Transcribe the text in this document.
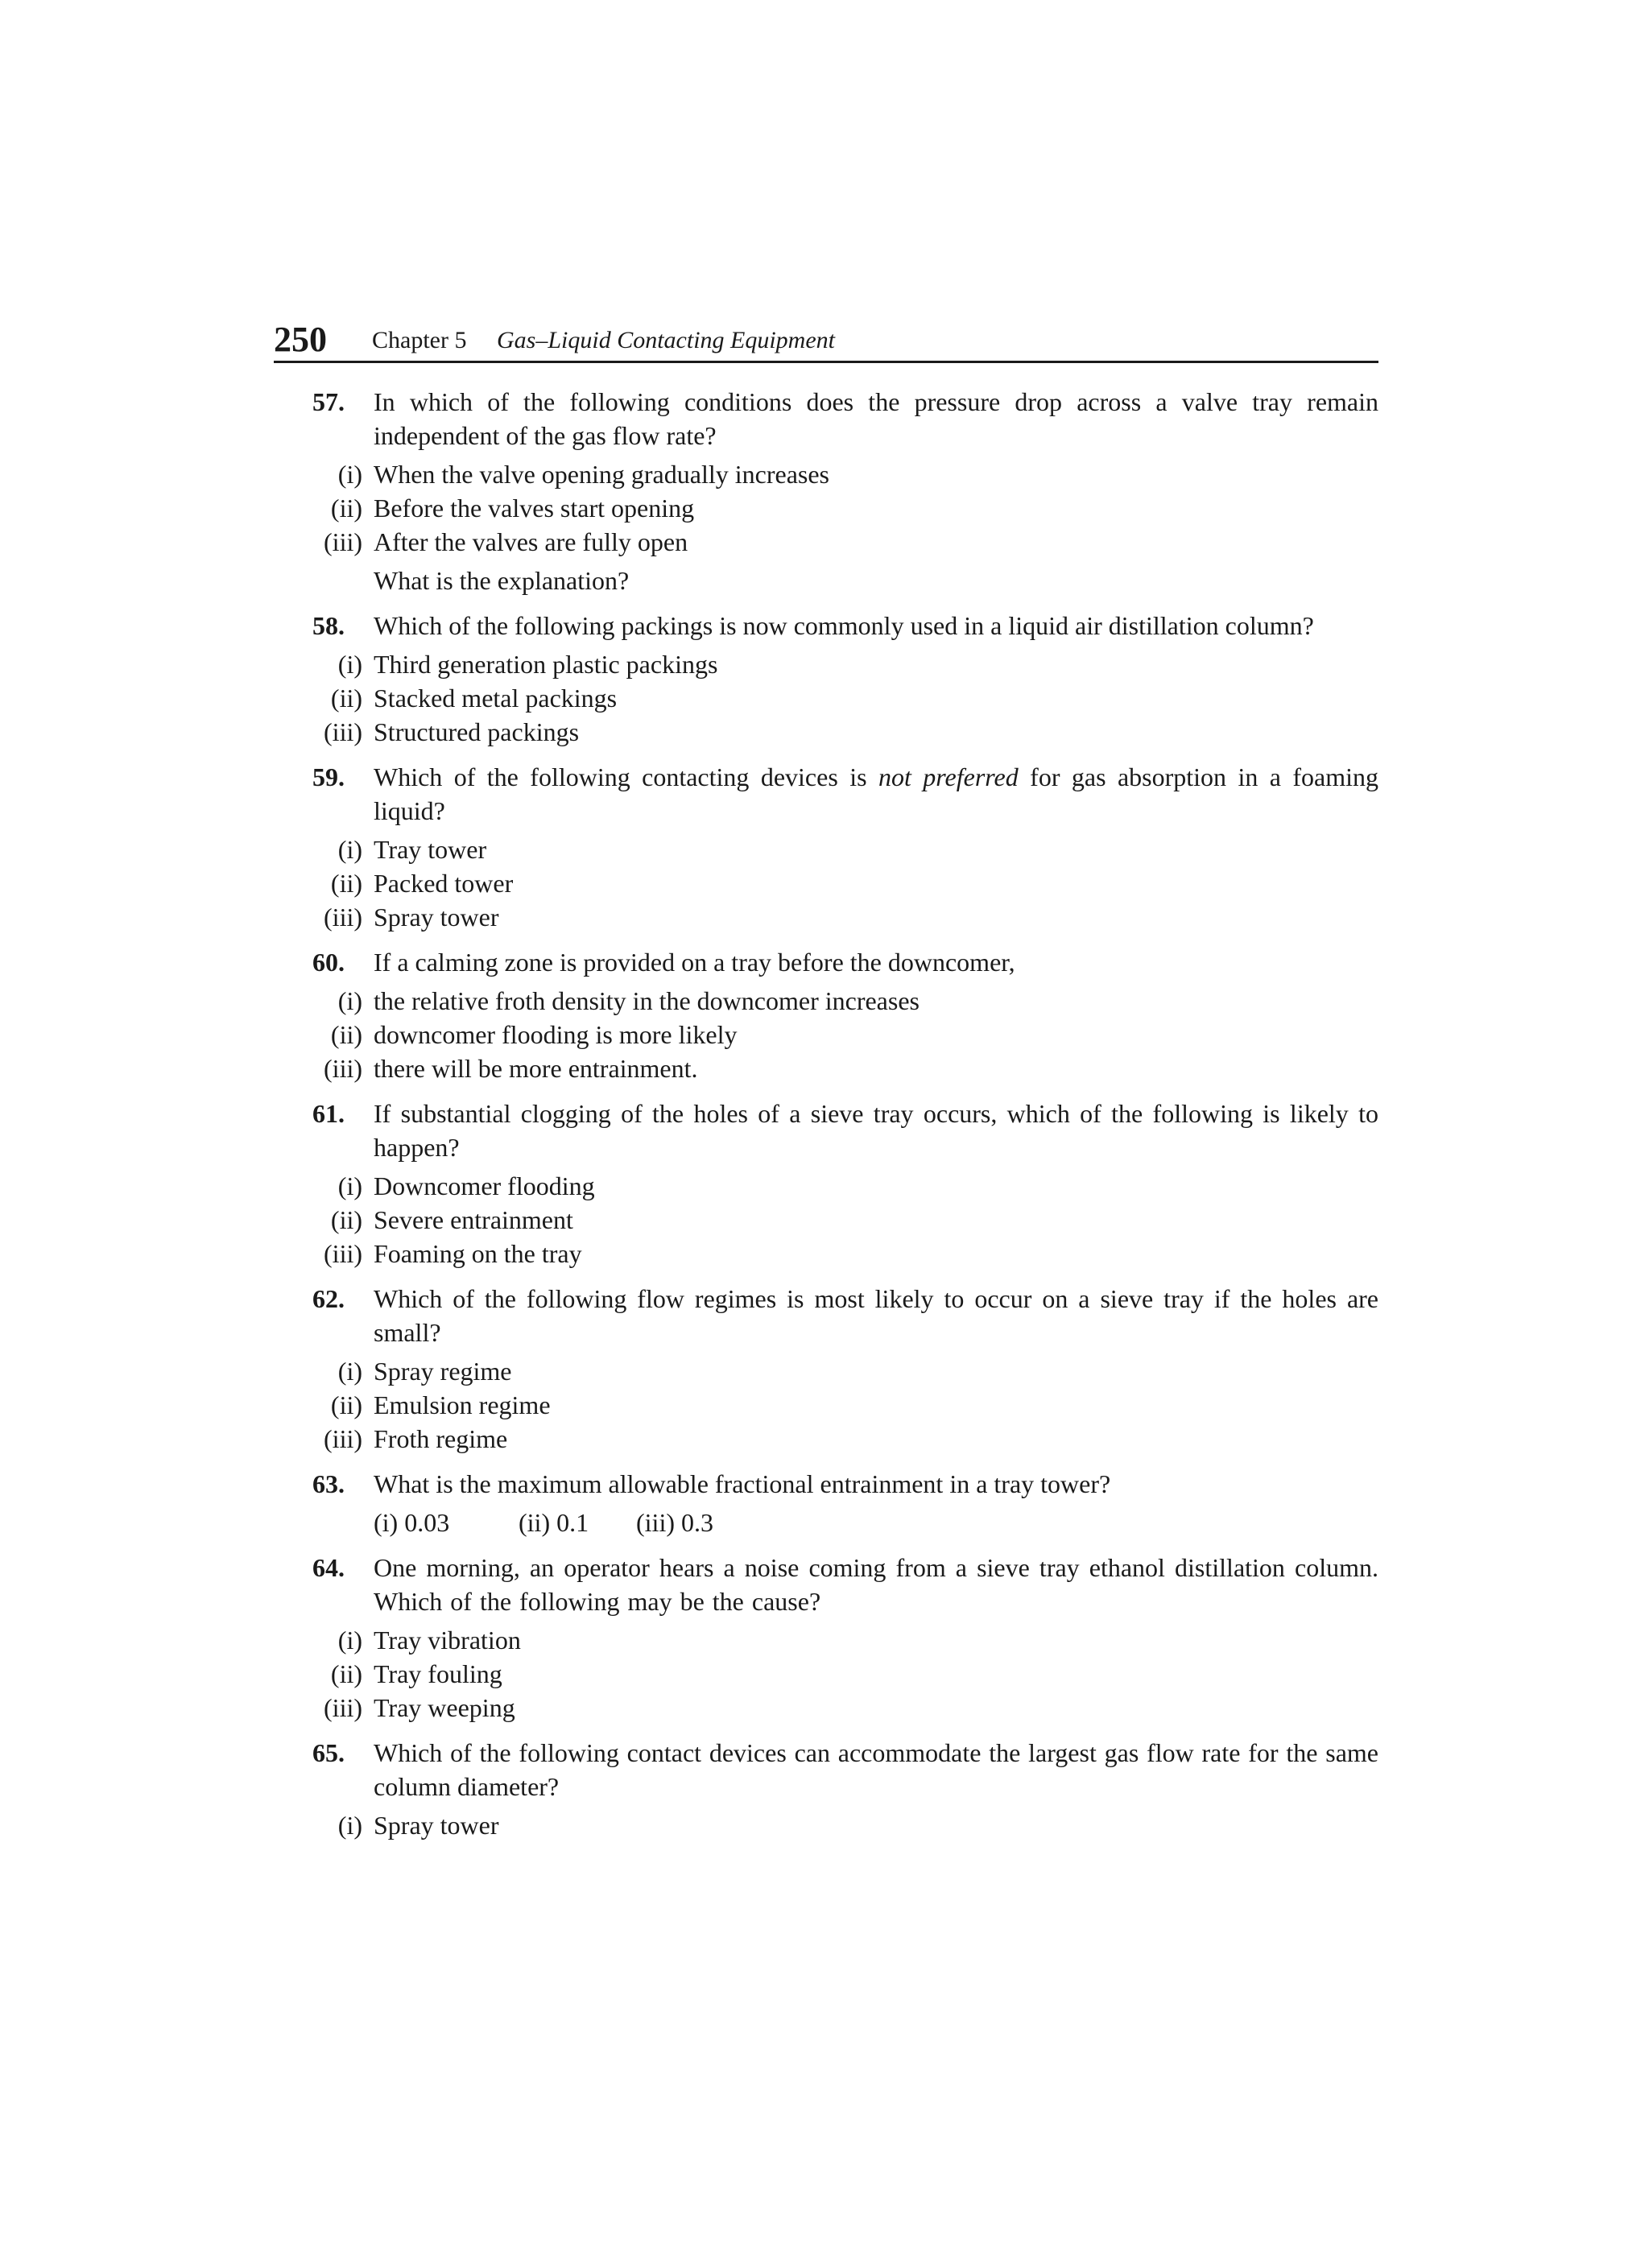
250 Chapter 5 Gas–Liquid Contacting Equipment
57. In which of the following conditions does the pressure drop across a valve tray remain independent of the gas flow rate?
(i) When the valve opening gradually increases
(ii) Before the valves start opening
(iii) After the valves are fully open
What is the explanation?
58. Which of the following packings is now commonly used in a liquid air distillation column?
(i) Third generation plastic packings
(ii) Stacked metal packings
(iii) Structured packings
59. Which of the following contacting devices is not preferred for gas absorption in a foaming liquid?
(i) Tray tower
(ii) Packed tower
(iii) Spray tower
60. If a calming zone is provided on a tray before the downcomer,
(i) the relative froth density in the downcomer increases
(ii) downcomer flooding is more likely
(iii) there will be more entrainment.
61. If substantial clogging of the holes of a sieve tray occurs, which of the following is likely to happen?
(i) Downcomer flooding
(ii) Severe entrainment
(iii) Foaming on the tray
62. Which of the following flow regimes is most likely to occur on a sieve tray if the holes are small?
(i) Spray regime
(ii) Emulsion regime
(iii) Froth regime
63. What is the maximum allowable fractional entrainment in a tray tower?
(i) 0.03	(ii) 0.1 (iii) 0.3
64. One morning, an operator hears a noise coming from a sieve tray ethanol distillation column. Which of the following may be the cause?
(i) Tray vibration
(ii) Tray fouling
(iii) Tray weeping
65. Which of the following contact devices can accommodate the largest gas flow rate for the same column diameter?
(i) Spray tower
